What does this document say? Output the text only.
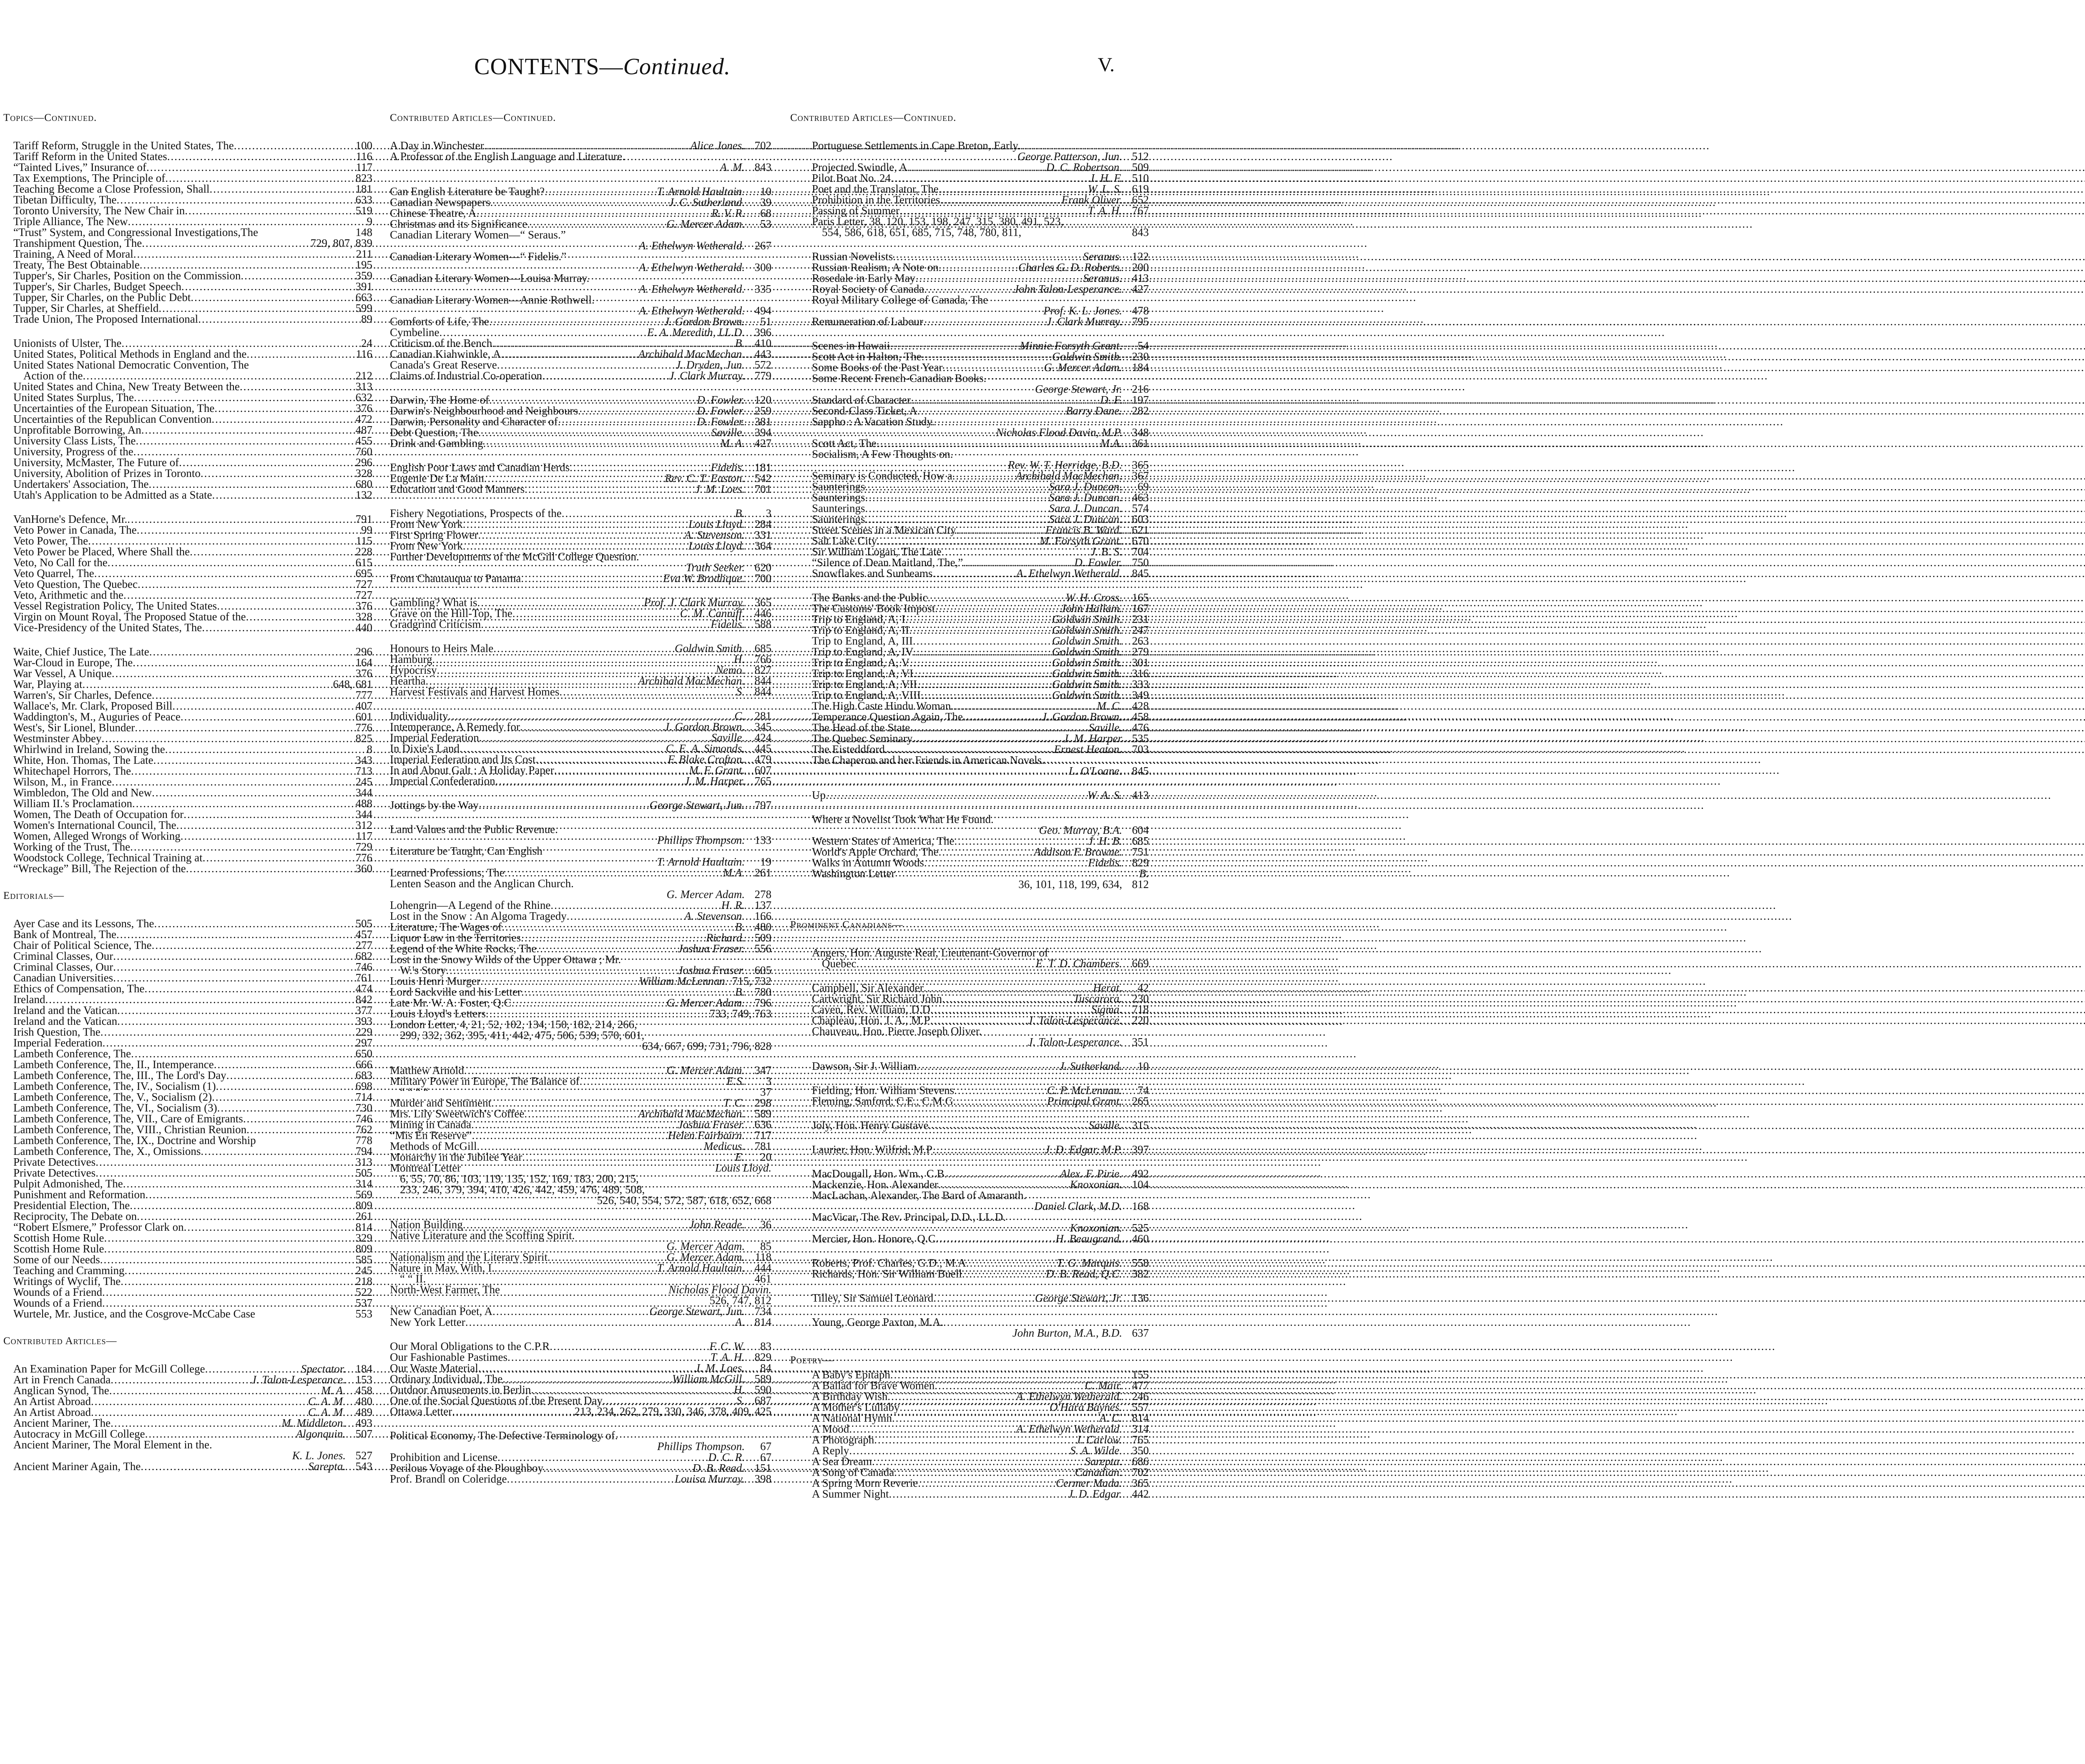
CONTENTS—Continued.	V.
Topics—Continued.
Tariff Reform, Struggle in the United States, The .....	100
Tariff Reform in the United States .....	116
“Tainted Lives,” Insurance of .....	117
Tax Exemptions, The Principle of .....	823
Teaching Become a Close Profession, Shall .....	181
Tibetan Difficulty, The .....	633
Toronto University, The New Chair in .....	519
Triple Alliance, The New .....	9
“Trust” System, and Congressional Investigations,The	148
Transhipment Question, The .....	729, 807, 839
Training, A Need of Moral .....	211
Treaty, The Best Obtainable .....	195
Tupper's, Sir Charles, Position on the Commission .....	359
Tupper's, Sir Charles, Budget Speech .....	391
Tupper, Sir Charles, on the Public Debt .....	663
Tupper, Sir Charles, at Sheffield .....	599
Trade Union, The Proposed International .....	89
Unionists of Ulster, The .....	24
United States, Political Methods in England and the .....	116
United States National Democratic Convention, The
Action of the .....	212
United States and China, New Treaty Between the .....	313
United States Surplus, The .....	632
Uncertainties of the European Situation, The .....	376
Uncertainties of the Republican Convention .....	472
Unprofitable Borrowing, An .....	487
University Class Lists, The .....	455
University, Progress of the .....	760
University, McMaster, The Future of .....	296
University, Abolition of Prizes in Toronto .....	328
Undertakers' Association, The .....	680
Utah's Application to be Admitted as a State .....	132
VanHorne's Defence, Mr. .....	791
Veto Power in Canada, The .....	99
Veto Power, The .....	115
Veto Power be Placed, Where Shall the .....	228
Veto, No Call for the .....	615
Veto Quarrel, The .....	695
Veto Question, The Quebec .....	727
Veto, Arithmetic and the .....	727
Vessel Registration Policy, The United States .....	376
Virgin on Mount Royal, The Proposed Statue of the .....	328
Vice-Presidency of the United States, The .....	440
Waite, Chief Justice, The Late .....	296
War-Cloud in Europe, The .....	164
War Vessel, A Unique .....	376
War, Playing at .....	648, 681
Warren's, Sir Charles, Defence .....	777
Wallace's, Mr. Clark, Proposed Bill .....	407
Waddington's, M., Auguries of Peace .....	601
West's, Sir Lionel, Blunder .....	776
Westminster Abbey .....	825
Whirlwind in Ireland, Sowing the .....	8
White, Hon. Thomas, The Late .....	343
Whitechapel Horrors, The .....	713
Wilson, M., in France .....	245
Wimbledon, The Old and New .....	344
William II.'s Proclamation .....	488
Women, The Death of Occupation for .....	344
Women's International Council, The .....	312
Women, Alleged Wrongs of Working .....	117
Working of the Trust, The .....	729
Woodstock College, Technical Training at .....	776
“Wreckage” Bill, The Rejection of the .....	360
Editorials—
Ayer Case and its Lessons, The .....	505
Bank of Montreal, The .....	457
Chair of Political Science, The .....	277
Criminal Classes, Our .....	682
Criminal Classes, Our .....	746
Canadian Universities .....	761
Ethics of Compensation, The .....	474
Ireland .....	842
Ireland and the Vatican .....	377
Ireland and the Vatican .....	393
Irish Question, The .....	229
Imperial Federation .....	297
Lambeth Conference, The .....	650
Lambeth Conference, The, II., Intemperance .....	666
Lambeth Conference, The, III., The Lord's Day .....	683
Lambeth Conference, The, IV., Socialism (1) .....	698
Lambeth Conference, The, V., Socialism (2) .....	714
Lambeth Conference, The, VI., Socialism (3) .....	730
Lambeth Conference, The, VII., Care of Emigrants .....	746
Lambeth Conference, The, VIII., Christian Reunion .....	762
Lambeth Conference, The, IX., Doctrine and Worship	778
Lambeth Conference, The, X., Omissions .....	794
Private Detectives .....	313
Private Detectives .....	505
Pulpit Admonished, The .....	314
Punishment and Reformation .....	569
Presidential Election, The .....	809
Reciprocity, The Debate on .....	261
“Robert Elsmere,” Professor Clark on .....	814
Scottish Home Rule .....	329
Scottish Home Rule .....	809
Some of our Needs .....	585
Teaching and Cramming .....	245
Writings of Wyclif, The .....	218
Wounds of a Friend .....	522
Wounds of a Friend .....	537
Wurtele, Mr. Justice, and the Cosgrove-McCabe Case	553
Contributed Articles—
An Examination Paper for McGill College .....	Spectator. 184
Art in French Canada .....	J. Talon-Lesperance. 153
Anglican Synod, The .....	M. A. 458
An Artist Abroad .....	C. A. M. 480
An Artist Abroad .....	C. A. M. 489
Ancient Mariner, The .....	M. Middleton. 493
Autocracy in McGill College .....	Algonquin. 507
Ancient Mariner, The Moral Element in the.
K. L. Jones. 527
Ancient Mariner Again, The .....	Sarepta. 543
Contributed Articles—Continued.
A Day in Winchester .....	Alice Jones. 702
A Professor of the English Language and Literature.
A. M. 843
Can English Literature be Taught? .....	T. Arnold Haultain.	10
Canadian Newspapers .....	J. C. Sutherland.	39
Chinese Theatre, A .....	R. V. R.	68
Christmas and its Significance .....	G. Mercer Adam.	53
Canadian Literary Women—“ Seraus.”
A. Ethelwyn Wetherald. 267
Canadian Literary Women—“ Fidelis.”
A. Ethelwyn Wetherald. 300
Canadian Literary Women—Louisa Murray.
A. Ethelwyn Wetherald. 335
Canadian Literary Women—Annie Rothwell.
A. Ethelwyn Wetherald. 494
Comforts of Life, The .....	J. Gordon Brown.	51
Cymbeline .....	E. A. Meredith, LL.D. 396
Criticism of the Bench .....	B. 410
Canadian Kiahwinkle, A .....	Archibald MacMechan. 443
Canada's Great Reserve .....	J. Dryden, Jun. 572
Claims of Industrial Co-operation .....	J. Clark Murray. 779
Darwin, The Home of .....	D. Fowler. 120
Darwin's Neighbourhood and Neighbours .....	D. Fowler. 259
Darwin, Personality and Character of .....	D. Fowler. 381
Debt Question, The .....	Saville. 394
Drink and Gambling .....	M. A. 427
English Poor Laws and Canadian Herds .....	Fidelis. 181
Eugenie De La Main .....	Rev. C. T. Easton. 542
Education and Good Manners .....	J. M. Loes. 701
Fishery Negotiations, Prospects of the .....	B.	3
From New York .....	Louis Lloyd. 284
First Spring Flower .....	A. Stevenson. 331
From New York .....	Louis Lloyd. 364
Further Developments of the McGill College Question.
Truth Seeker. 620
From Chautauqua to Panama .....	Eva W. Brodlique. 700
Gambling? What is .....	Prof. J. Clark Murray. 365
Grave on the Hill-Top, The .....	C. M. Canniff. 446
Gradgrind Criticism .....	Fidelis. 588
Honours to Heirs Male .....	Goldwin Smith. 685
Hamburg .....	H. 766
Hypocrisy .....	Nemo. 827
Heartha .....	Archibald MacMechan. 844
Harvest Festivals and Harvest Homes .....	S. 844
Individuality .....	C. 281
Intemperance, A Remedy for .....	J. Gordon Brown. 345
Imperial Federation .....	Saville. 424
In Dixie's Land .....	C. E. A. Simonds. 445
Imperial Federation and Its Cost .....	F. Blake Crofton. 479
In and About Galt : A Holiday Paper .....	M. F. Grant. 607
Imperial Confederation .....	J. M. Harper. 765
Jottings by the Way .....	George Stewart, Jun. 797
Land Values and the Public Revenue.
Phillips Thompson. 133
Literature be Taught, Can English
T. Arnold Haultain.	19
Learned Professions, The .....	M.A. 261
Lenten Season and the Anglican Church.
G. Mercer Adam. 278
Lohengrin—A Legend of the Rhine .....	H. R. 137
Lost in the Snow : An Algoma Tragedy .....	A. Stevenson. 166
Literature, The Wages of .....	B. 480
Liquor Law in the Territories .....	Richard. 509
Legend of the White Rocks, The .....	Joshua Fraser. 556
Lost in the Snowy Wilds of the Upper Ottawa ; Mr.
W.'s Story .....	Joshua Fraser. 605
Louis Henri Murger .....	William McLennan. 715, 732
Lord Sackville and his Letter .....	B. 780
Late Mr. W. A. Foster, Q.C .....	G. Mercer Adam. 796
Louis Lloyd's Letters .....	733, 749, 763
London Letter, 4, 21, 52, 102, 134, 150, 182, 214, 266,
299, 332, 362, 395, 411, 442, 475, 506, 539, 570, 601,
634, 667, 699, 731, 796, 828
Matthew Arnold .....	G. Mercer Adam. 347
Military Power in Europe, The Balance of .....	E.S.	3
“ “ “ “	37
Murder and Sentiment .....	T. C. 298
Mrs. Lily Sweetwich's Coffee .....	Archibald MacMechan. 589
Mining in Canada .....	Joshua Fraser. 636
“Mis En Reserve” .....	Helen Fairbairn. 717
Methods of McGill .....	Medicus. 781
Monarchy in the Jubilee Year .....	E.	20
Montreal Letter	Louis Lloyd.
6, 55, 70, 86, 103, 119, 135, 152, 169, 183, 200, 215,
233, 246, 379, 394, 410, 426, 442, 459, 476, 489, 508,
526, 540, 554, 572, 587, 618, 652, 668
Nation Building .....	John Reade.	36
Native Literature and the Scoffing Spirit.
G. Mercer Adam.	85
Nationalism and the Literary Spirit .....	G. Mercer Adam. 118
Nature in May, With, I. .....	T. Arnold Haultain. 444
“ “ II.	461
North-West Farmer, The	Nicholas Flood Davin.
526, 747, 812
New Canadian Poet, A .....	George Stewart, Jun. 734
New York Letter .....	A. 814
Our Moral Obligations to the C.P.R .....	F. C. W.	83
Our Fashionable Pastimes .....	T. A. H. 829
Our Waste Material .....	J. M. Loes.	84
Ordinary Individual, The .....	William McGill. 589
Outdoor Amusements in Berlin .....	H. 590
One of the Social Questions of the Present Day .....	S. 687
Ottawa Letter .....	213, 234, 262, 279, 330, 346, 378, 409, 425
Political Economy, The Defective Terminology of.
Phillips Thompson.	67
Prohibition and License .....	D. C. R.	67
Perilous Voyage of the Ploughboy .....	D. B. Read. 151
Prof. Brandl on Coleridge .....	Louisa Murray. 398
Contributed Articles—Continued.
Portuguese Settlements in Cape Breton, Early.
George Patterson, Jun. 512
Projected Swindle, A .....	D. C. Robertson. 509
Pilot Boat No. 24 .....	J. H. F. 510
Poet and the Translator, The .....	W. L. S. 619
Prohibition in the Territories .....	Frank Oliver. 652
Passing of Summer .....	T. A. H. 767
Paris Letter, 38, 120, 153, 198, 247, 315, 380, 491, 523,
554, 586, 618, 651, 685, 715, 748, 780, 811,	843
Russian Novelists .....	Seranus. 122
Russian Realism, A Note on .....	Charles G. D. Roberts. 200
Rosedale in Early May .....	Seranus. 413
Royal Society of Canada .....	John Talon-Lesperance. 427
Royal Military College of Canada, The
Prof. K. L. Jones. 478
Remuneration of Labour .....	J. Clark Murray. 795
Scenes in Hawaii .....	Minnie Forsyth Grant.	54
Scott Act in Halton, The .....	Goldwin Smith. 230
Some Books of the Past Year .....	G. Mercer Adam. 184
Some Recent French-Canadian Books.
George Stewart, Jr. 216
Standard of Character .....	D. F. 197
Second-Class Ticket, A .....	Barry Dane. 282
Sappho : A Vacation Study.
Nicholas Flood Davin, M.P. 348
Scott Act, The .....	M.A. 361
Socialism, A Few Thoughts on.
Rev. W. T. Herridge, B.D. 365
Seminary is Conducted, How a .....	Archibald MacMechan. 367
Saunterings .....	Sara J. Duncan.	69
Saunterings .....	Sara J. Duncan. 463
Saunterings .....	Sara J. Duncan. 574
Saunterings .....	Sara J. Duncan. 603
Street Scenes in a Mexican City .....	Francis B. Ward. 621
Salt Lake City .....	M. Forsyth Grant. 670
Sir William Logan, The Late .....	J. B. S. 704
“Silence of Dean Maitland, The,” .....	D. Fowler. 750
Snowflakes and Sunbeams .....	A. Ethelwyn Wetherald. 845
The Banks and the Public .....	W. H. Cross. 165
The Customs' Book Impost .....	John Hallam. 167
Trip to England, A, I .....	Goldwin Smith. 231
Trip to England, A, II .....	Goldwin Smith. 247
Trip to England, A, III .....	Goldwin Smith. 263
Trip to England, A, IV .....	Goldwin Smith. 279
Trip to England, A, V .....	Goldwin Smith. 301
Trip to England, A, VI .....	Goldwin Smith. 316
Trip to England, A, VII .....	Goldwin Smith. 333
Trip to England, A, VIII .....	Goldwin Smith. 349
The High Caste Hindu Woman .....	M. C. 428
Temperance Question Again, The .....	J. Gordon Brown. 458
The Head of the State .....	Saville. 476
The Quebec Seminary .....	J. M. Harper 535
The Eisteddford .....	Ernest Heaton. 703
The Chaperon and her Friends in American Novels.
L. O'Loane. 845
Up .....	W. A. S. 413
Where a Novelist Took What He Found.
Geo. Murray, B.A. 604
Western States of America, The .....	J. H. B. 685
World's Apple Orchard, The .....	Addison F. Browne. 751
Walks in Autumn Woods .....	Fidelis. 829
Washington Letter	B.
36, 101, 118, 199, 634, 812
Prominent Canadians—
Angers, Hon. Auguste Real, Lieutenant-Governor of
Quebec .....	E. T. D. Chambers. 669
Campbell, Sir Alexander .....	Herat.	42
Cartwright, Sir Richard John .....	Tuscarora. 230
Caven, Rev. William, D.D .....	Sigma. 718
Chapleau, Hon. J. A., M.P .....	J. Talon-Lesperance. 220
Chauveau, Hon. Pierre Joseph Oliver.
J. Talon-Lesperance. 351
Dawson, Sir J. William .....	J. Sutherland.	10
Fielding, Hon. William Stevens .....	C. P. McLennan.	74
Fleming, Sanford, C.E., C.M.G .....	Principal Grant. 265
Joly, Hon. Henry Gustave .....	Saville. 315
Laurier, Hon. Wilfrid, M.P .....	J. D. Edgar, M.P. 397
MacDougall, Hon. Wm., C.B .....	Alex. F. Pirie. 492
Mackenzie, Hon. Alexander .....	Knoxonian. 104
MacLachan, Alexander, The Bard of Amaranth.
Daniel Clark, M.D. 168
MacVicar, The Rev. Principal, D.D., LL.D.
Knoxonian. 525
Mercier, Hon. Honore, Q.C .....	H. Beaugrand. 460
Roberts, Prof. Charles, G.D., M.A .....	T. G. Marquis. 558
Richards, Hon. Sir William Buell .....	D. B. Read, Q.C. 382
Tilley, Sir Samuel Leonard .....	George Stewart, Jr. 136
Young, George Paxton, M.A.
John Burton, M.A., B.D. 637
Poetry—
A Baby's Epitaph .....	155
A Ballad for Brave Women .....	C. Mair. 477
A Birthday Wish .....	A. Ethelwyn Wetherald. 246
A Mother's Lullaby .....	O'Hara Baynes. 557
A National Hymn .....	A. C. 814
A Mood .....	A. Ethelwyn Wetherald. 314
A Photograph .....	J. Carlow. 765
A Reply .....	S. A. Wilde. 350
A Sea Dream .....	Sarepta. 686
A Song of Canada .....	Canadian. 702
A Spring Morn Reverie .....	Cermer Mada. 365
A Summer Night .....	J. D. Edgar. 442
